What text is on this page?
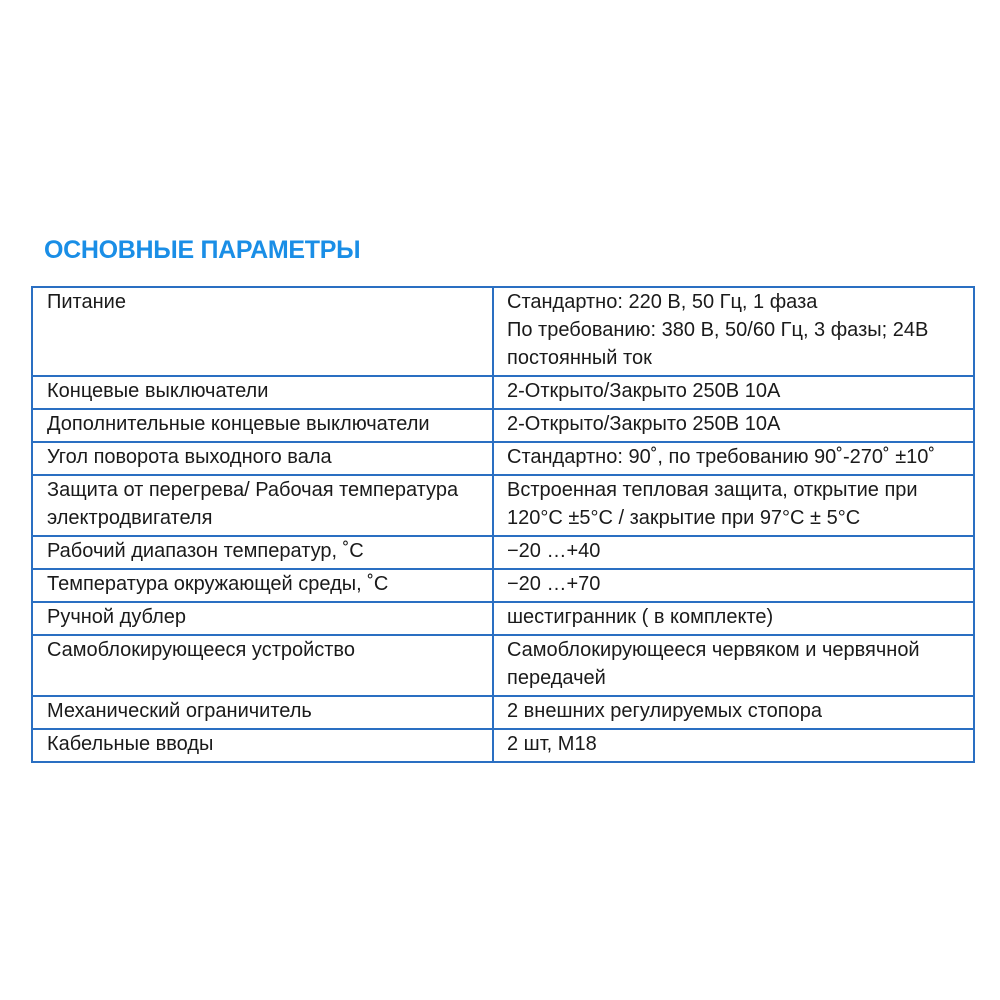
ОСНОВНЫЕ ПАРАМЕТРЫ
Питание	Стандартно: 220 В, 50 Гц, 1 фаза
По требованию: 380 В, 50/60 Гц, 3 фазы; 24В
постоянный ток

Концевые выключатели	2-Открыто/Закрыто 250В 10А

Дополнительные концевые выключатели	2-Открыто/Закрыто 250В 10А

Угол поворота выходного вала	Стандартно: 90˚, по требованию 90˚-270˚ ±10˚

Защита от перегрева/ Рабочая температура
электродвигателя	Встроенная тепловая защита, открытие при
120°C ±5°C / закрытие при 97°C ± 5°C

Рабочий диапазон температур, ˚С	−20 …+40

Температура окружающей среды, ˚С	−20 …+70

Ручной дублер	шестигранник ( в комплекте)

Самоблокирующееся устройство	Самоблокирующееся червяком и червячной
передачей

Механический ограничитель	2 внешних регулируемых стопора

Кабельные вводы	2 шт, М18
